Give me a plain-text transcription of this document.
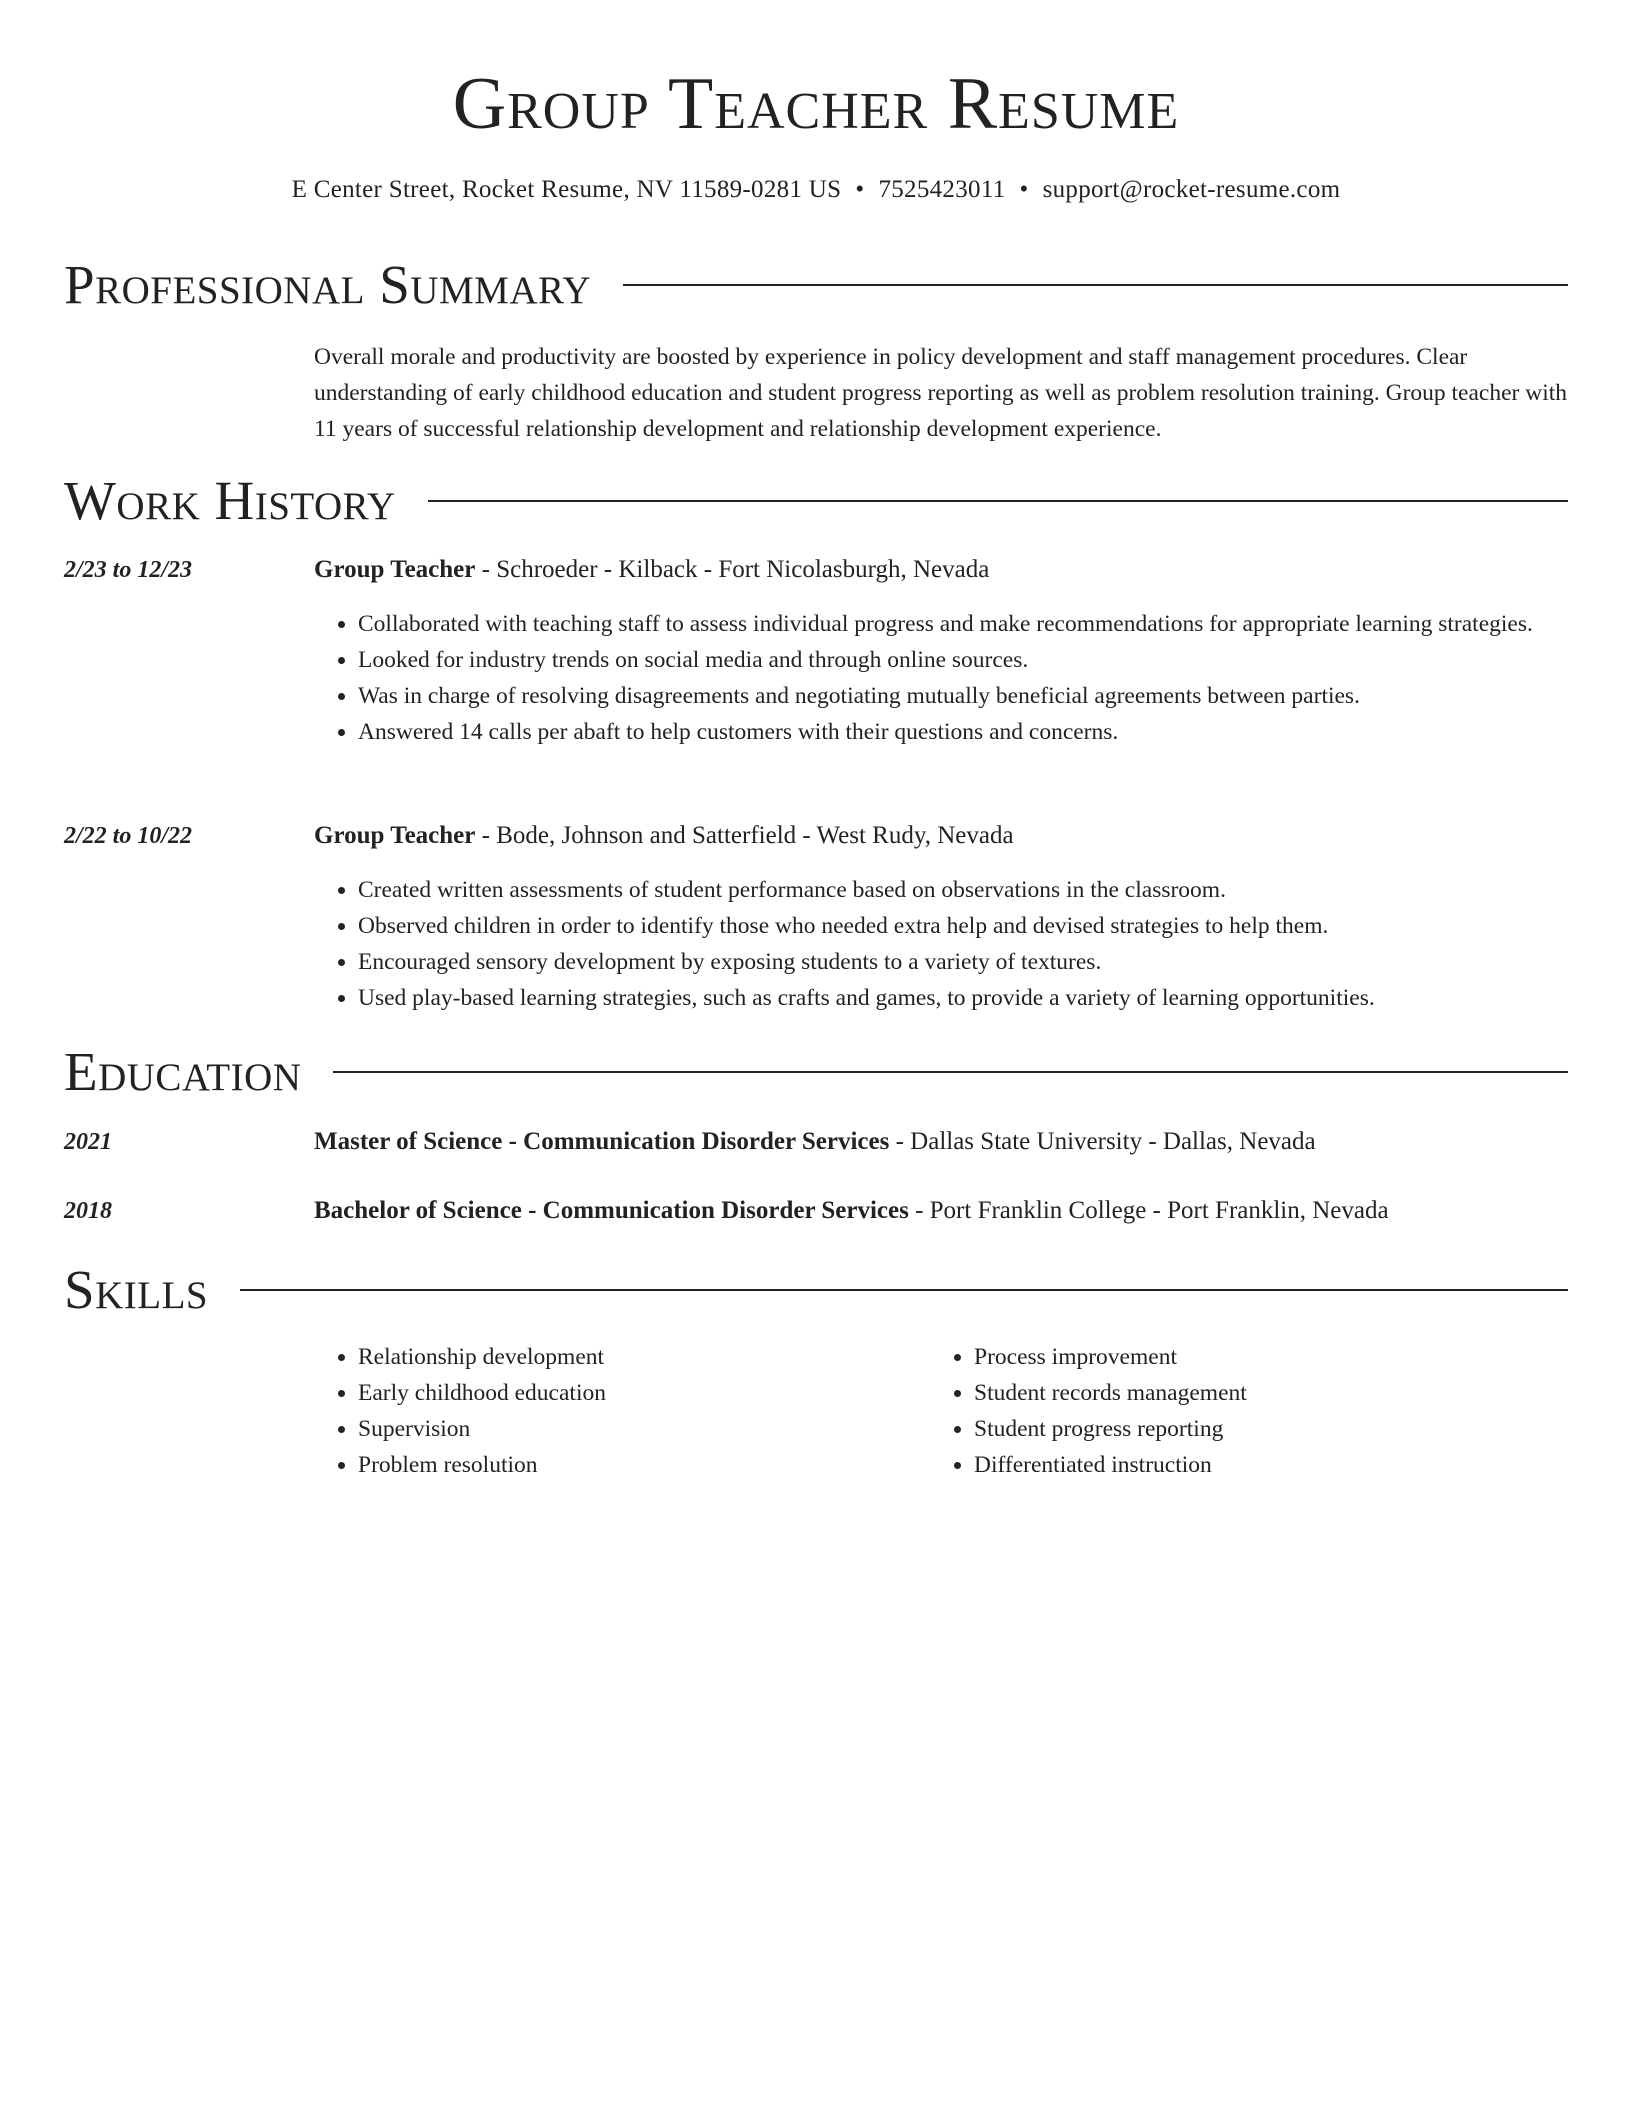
Group Teacher Resume
E Center Street, Rocket Resume, NV 11589-0281 US • 7525423011 • support@rocket-resume.com
Professional Summary
Overall morale and productivity are boosted by experience in policy development and staff management procedures. Clear understanding of early childhood education and student progress reporting as well as problem resolution training. Group teacher with 11 years of successful relationship development and relationship development experience.
Work History
2/23 to 12/23	Group Teacher - Schroeder - Kilback - Fort Nicolasburgh, Nevada
• Collaborated with teaching staff to assess individual progress and make recommendations for appropriate learning strategies.
• Looked for industry trends on social media and through online sources.
• Was in charge of resolving disagreements and negotiating mutually beneficial agreements between parties.
• Answered 14 calls per abaft to help customers with their questions and concerns.
2/22 to 10/22	Group Teacher - Bode, Johnson and Satterfield - West Rudy, Nevada
• Created written assessments of student performance based on observations in the classroom.
• Observed children in order to identify those who needed extra help and devised strategies to help them.
• Encouraged sensory development by exposing students to a variety of textures.
• Used play-based learning strategies, such as crafts and games, to provide a variety of learning opportunities.
Education
2021	Master of Science - Communication Disorder Services - Dallas State University - Dallas, Nevada
2018	Bachelor of Science - Communication Disorder Services - Port Franklin College - Port Franklin, Nevada
Skills
• Relationship development
• Early childhood education
• Supervision
• Problem resolution
• Process improvement
• Student records management
• Student progress reporting
• Differentiated instruction
